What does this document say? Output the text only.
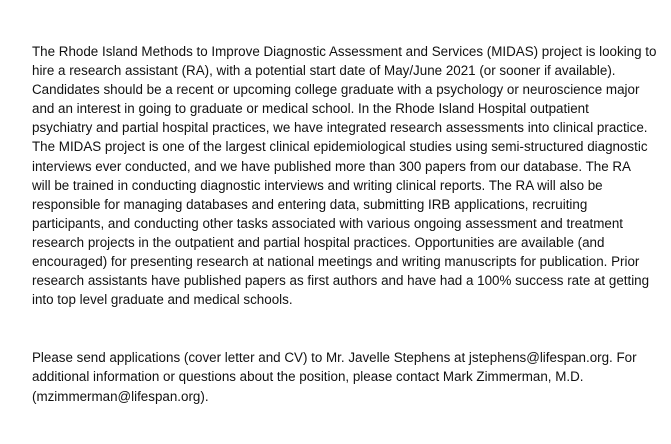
The Rhode Island Methods to Improve Diagnostic Assessment and Services (MIDAS) project is looking to
hire a research assistant (RA), with a potential start date of May/June 2021 (or sooner if available).
Candidates should be a recent or upcoming college graduate with a psychology or neuroscience major
and an interest in going to graduate or medical school. In the Rhode Island Hospital outpatient
psychiatry and partial hospital practices, we have integrated research assessments into clinical practice.
The MIDAS project is one of the largest clinical epidemiological studies using semi-structured diagnostic
interviews ever conducted, and we have published more than 300 papers from our database. The RA
will be trained in conducting diagnostic interviews and writing clinical reports. The RA will also be
responsible for managing databases and entering data, submitting IRB applications, recruiting
participants, and conducting other tasks associated with various ongoing assessment and treatment
research projects in the outpatient and partial hospital practices. Opportunities are available (and
encouraged) for presenting research at national meetings and writing manuscripts for publication. Prior
research assistants have published papers as first authors and have had a 100% success rate at getting
into top level graduate and medical schools.

Please send applications (cover letter and CV) to Mr. Javelle Stephens at jstephens@lifespan.org. For
additional information or questions about the position, please contact Mark Zimmerman, M.D.
(mzimmerman@lifespan.org).
